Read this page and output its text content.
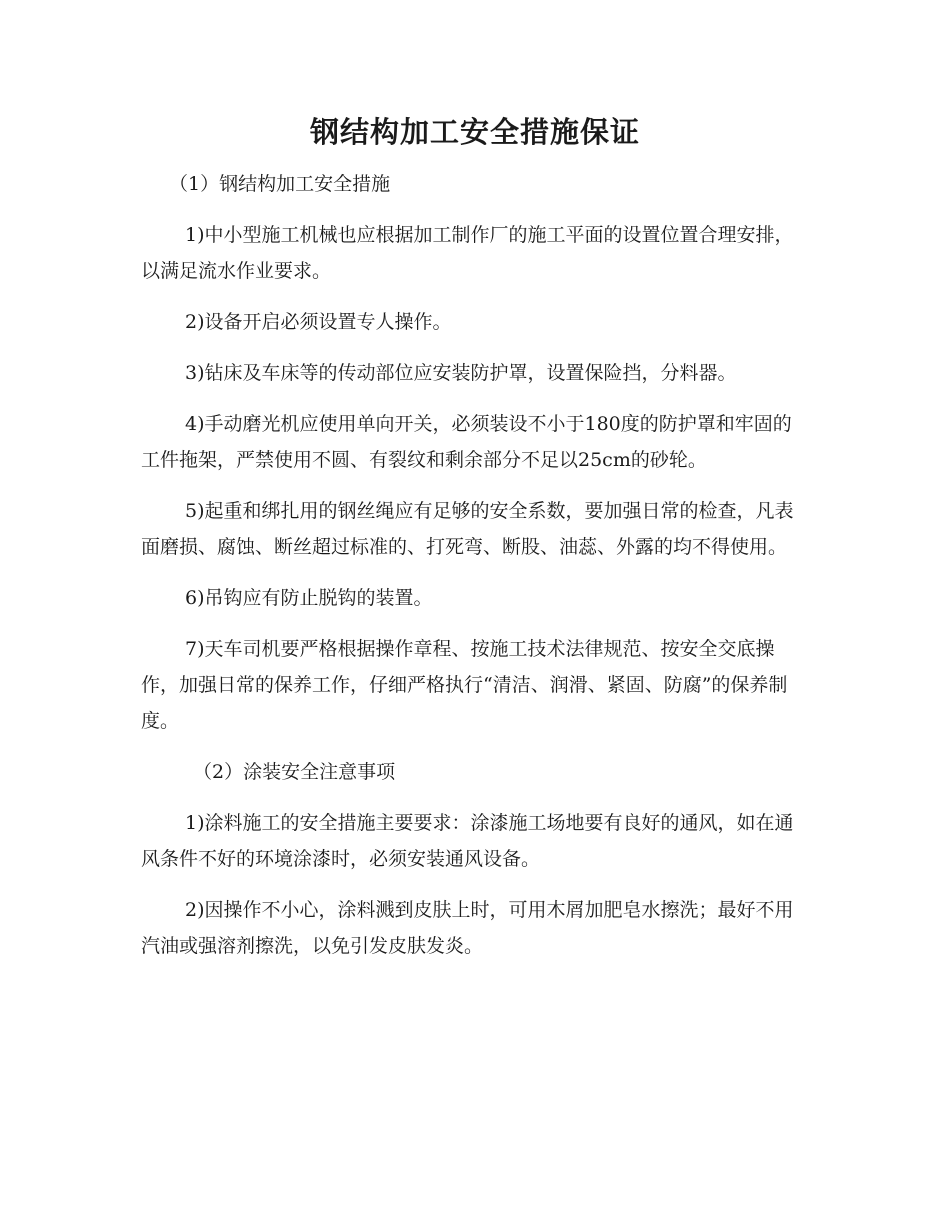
钢结构加工安全措施保证

（1）钢结构加工安全措施

1)中小型施工机械也应根据加工制作厂的施工平面的设置位置合理安排，以满足流水作业要求。

2)设备开启必须设置专人操作。

3)钻床及车床等的传动部位应安装防护罩，设置保险挡，分料器。

4)手动磨光机应使用单向开关，必须装设不小于180度的防护罩和牢固的工件拖架，严禁使用不圆、有裂纹和剩余部分不足以25cm的砂轮。

5)起重和绑扎用的钢丝绳应有足够的安全系数，要加强日常的检查，凡表面磨损、腐蚀、断丝超过标准的、打死弯、断股、油蕊、外露的均不得使用。

6)吊钩应有防止脱钩的装置。

7)天车司机要严格根据操作章程、按施工技术法律规范、按安全交底操作，加强日常的保养工作，仔细严格执行“清洁、润滑、紧固、防腐”的保养制度。

（2）涂装安全注意事项

1)涂料施工的安全措施主要要求：涂漆施工场地要有良好的通风，如在通风条件不好的环境涂漆时，必须安装通风设备。

2)因操作不小心，涂料溅到皮肤上时，可用木屑加肥皂水擦洗；最好不用汽油或强溶剂擦洗，以免引发皮肤发炎。
